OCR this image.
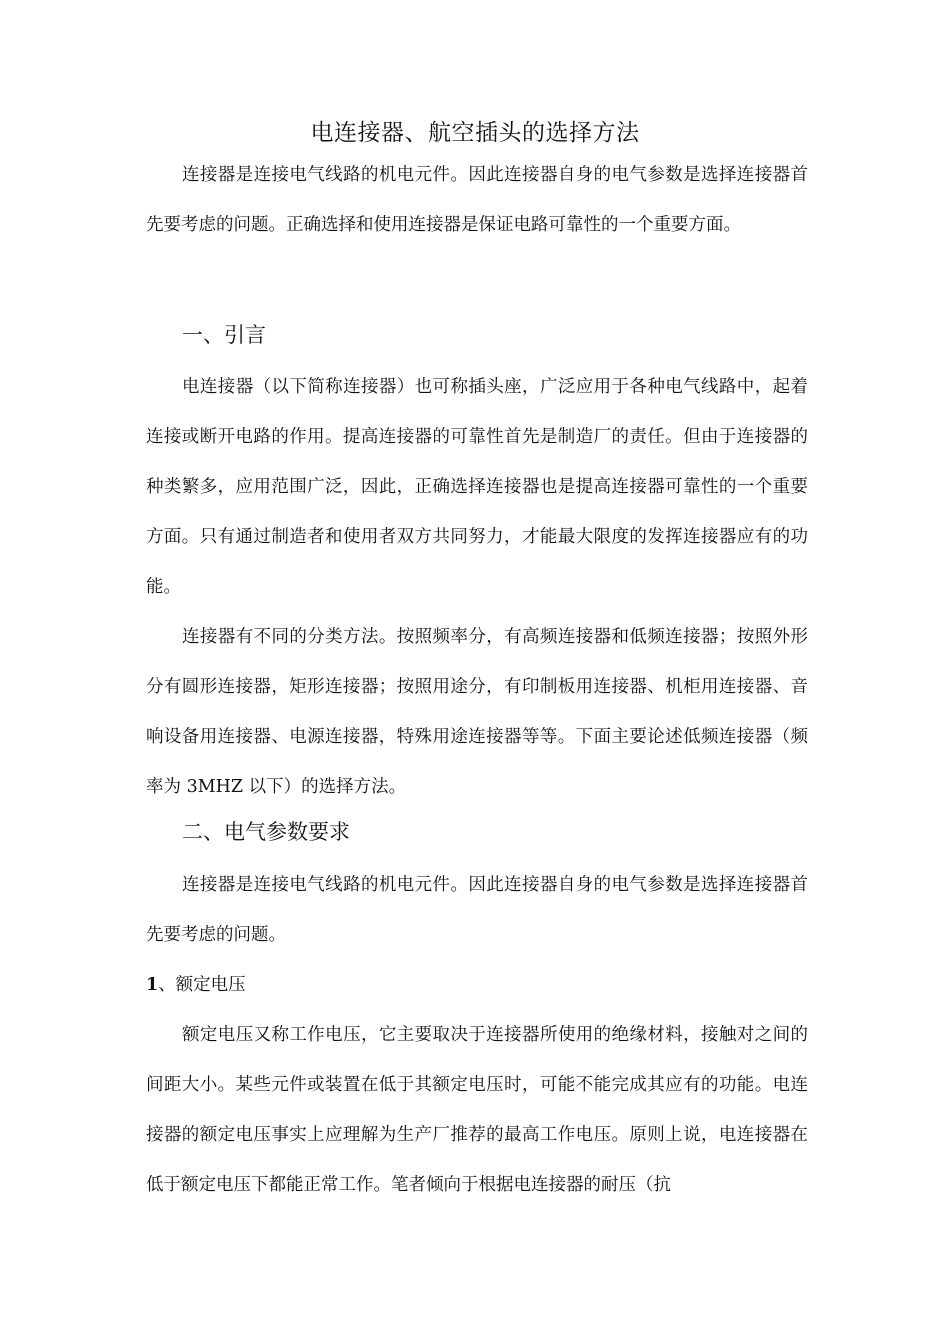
电连接器、航空插头的选择方法

连接器是连接电气线路的机电元件。因此连接器自身的电气参数是选择连接器首先要考虑的问题。正确选择和使用连接器是保证电路可靠性的一个重要方面。

一、引言

电连接器（以下简称连接器）也可称插头座，广泛应用于各种电气线路中，起着连接或断开电路的作用。提高连接器的可靠性首先是制造厂的责任。但由于连接器的种类繁多，应用范围广泛，因此，正确选择连接器也是提高连接器可靠性的一个重要方面。只有通过制造者和使用者双方共同努力，才能最大限度的发挥连接器应有的功能。

连接器有不同的分类方法。按照频率分，有高频连接器和低频连接器；按照外形分有圆形连接器，矩形连接器；按照用途分，有印制板用连接器、机柜用连接器、音响设备用连接器、电源连接器，特殊用途连接器等等。下面主要论述低频连接器（频率为 3MHZ 以下）的选择方法。

二、电气参数要求

连接器是连接电气线路的机电元件。因此连接器自身的电气参数是选择连接器首先要考虑的问题。

1、额定电压

额定电压又称工作电压，它主要取决于连接器所使用的绝缘材料，接触对之间的间距大小。某些元件或装置在低于其额定电压时，可能不能完成其应有的功能。电连接器的额定电压事实上应理解为生产厂推荐的最高工作电压。原则上说，电连接器在低于额定电压下都能正常工作。笔者倾向于根据电连接器的耐压（抗
